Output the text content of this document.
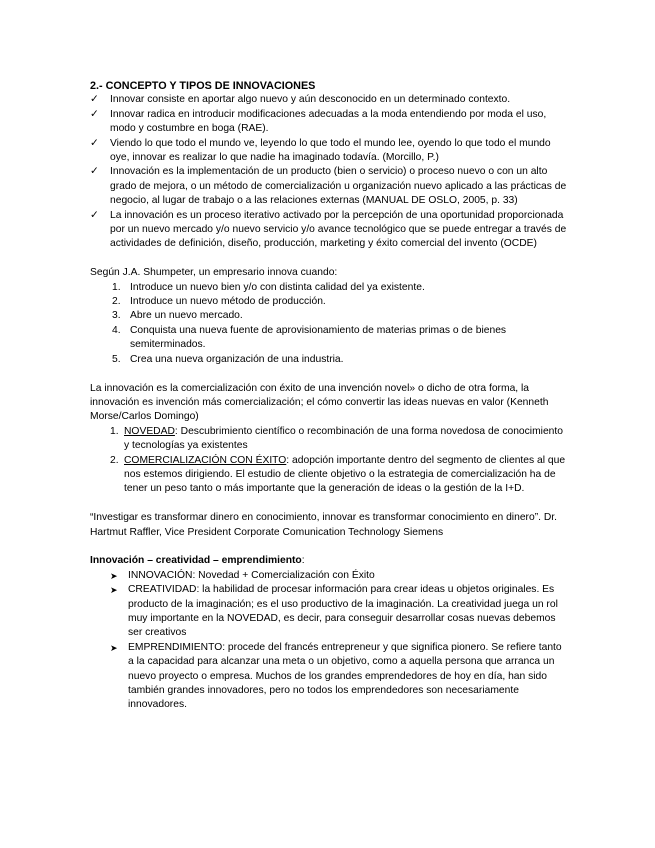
2.- CONCEPTO Y TIPOS DE INNOVACIONES

✓ Innovar consiste en aportar algo nuevo y aún desconocido en un determinado contexto.
✓ Innovar radica en introducir modificaciones adecuadas a la moda entendiendo por moda el uso, modo y costumbre en boga (RAE).
✓ Viendo lo que todo el mundo ve, leyendo lo que todo el mundo lee, oyendo lo que todo el mundo oye, innovar es realizar lo que nadie ha imaginado todavía. (Morcillo, P.)
✓ Innovación es la implementación de un producto (bien o servicio) o proceso nuevo o con un alto grado de mejora, o un método de comercialización u organización nuevo aplicado a las prácticas de negocio, al lugar de trabajo o a las relaciones externas (MANUAL DE OSLO, 2005, p. 33)
✓ La innovación es un proceso iterativo activado por la percepción de una oportunidad proporcionada por un nuevo mercado y/o nuevo servicio y/o avance tecnológico que se puede entregar a través de actividades de definición, diseño, producción, marketing y éxito comercial del invento (OCDE)

Según J.A. Shumpeter, un empresario innova cuando:

1. Introduce un nuevo bien y/o con distinta calidad del ya existente.
2. Introduce un nuevo método de producción.
3. Abre un nuevo mercado.
4. Conquista una nueva fuente de aprovisionamiento de materias primas o de bienes semiterminados.
5. Crea una nueva organización de una industria.

La innovación es la comercialización con éxito de una invención novel» o dicho de otra forma, la innovación es invención más comercialización; el cómo convertir las ideas nuevas en valor (Kenneth Morse/Carlos Domingo)

1. NOVEDAD: Descubrimiento científico o recombinación de una forma novedosa de conocimiento y tecnologías ya existentes
2. COMERCIALIZACIÓN CON ÉXITO: adopción importante dentro del segmento de clientes al que nos estemos dirigiendo. El estudio de cliente objetivo o la estrategia de comercialización ha de tener un peso tanto o más importante que la generación de ideas o la gestión de la I+D.

“Investigar es transformar dinero en conocimiento, innovar es transformar conocimiento en dinero”. Dr. Hartmut Raffler, Vice President Corporate Comunication Technology Siemens

Innovación – creatividad – emprendimiento:

➤ INNOVACIÓN: Novedad + Comercialización con Éxito
➤ CREATIVIDAD: la habilidad de procesar información para crear ideas u objetos originales. Es producto de la imaginación; es el uso productivo de la imaginación. La creatividad juega un rol muy importante en la NOVEDAD, es decir, para conseguir desarrollar cosas nuevas debemos ser creativos
➤ EMPRENDIMIENTO: procede del francés entrepreneur y que significa pionero. Se refiere tanto a la capacidad para alcanzar una meta o un objetivo, como a aquella persona que arranca un nuevo proyecto o empresa. Muchos de los grandes emprendedores de hoy en día, han sido también grandes innovadores, pero no todos los emprendedores son necesariamente innovadores.
